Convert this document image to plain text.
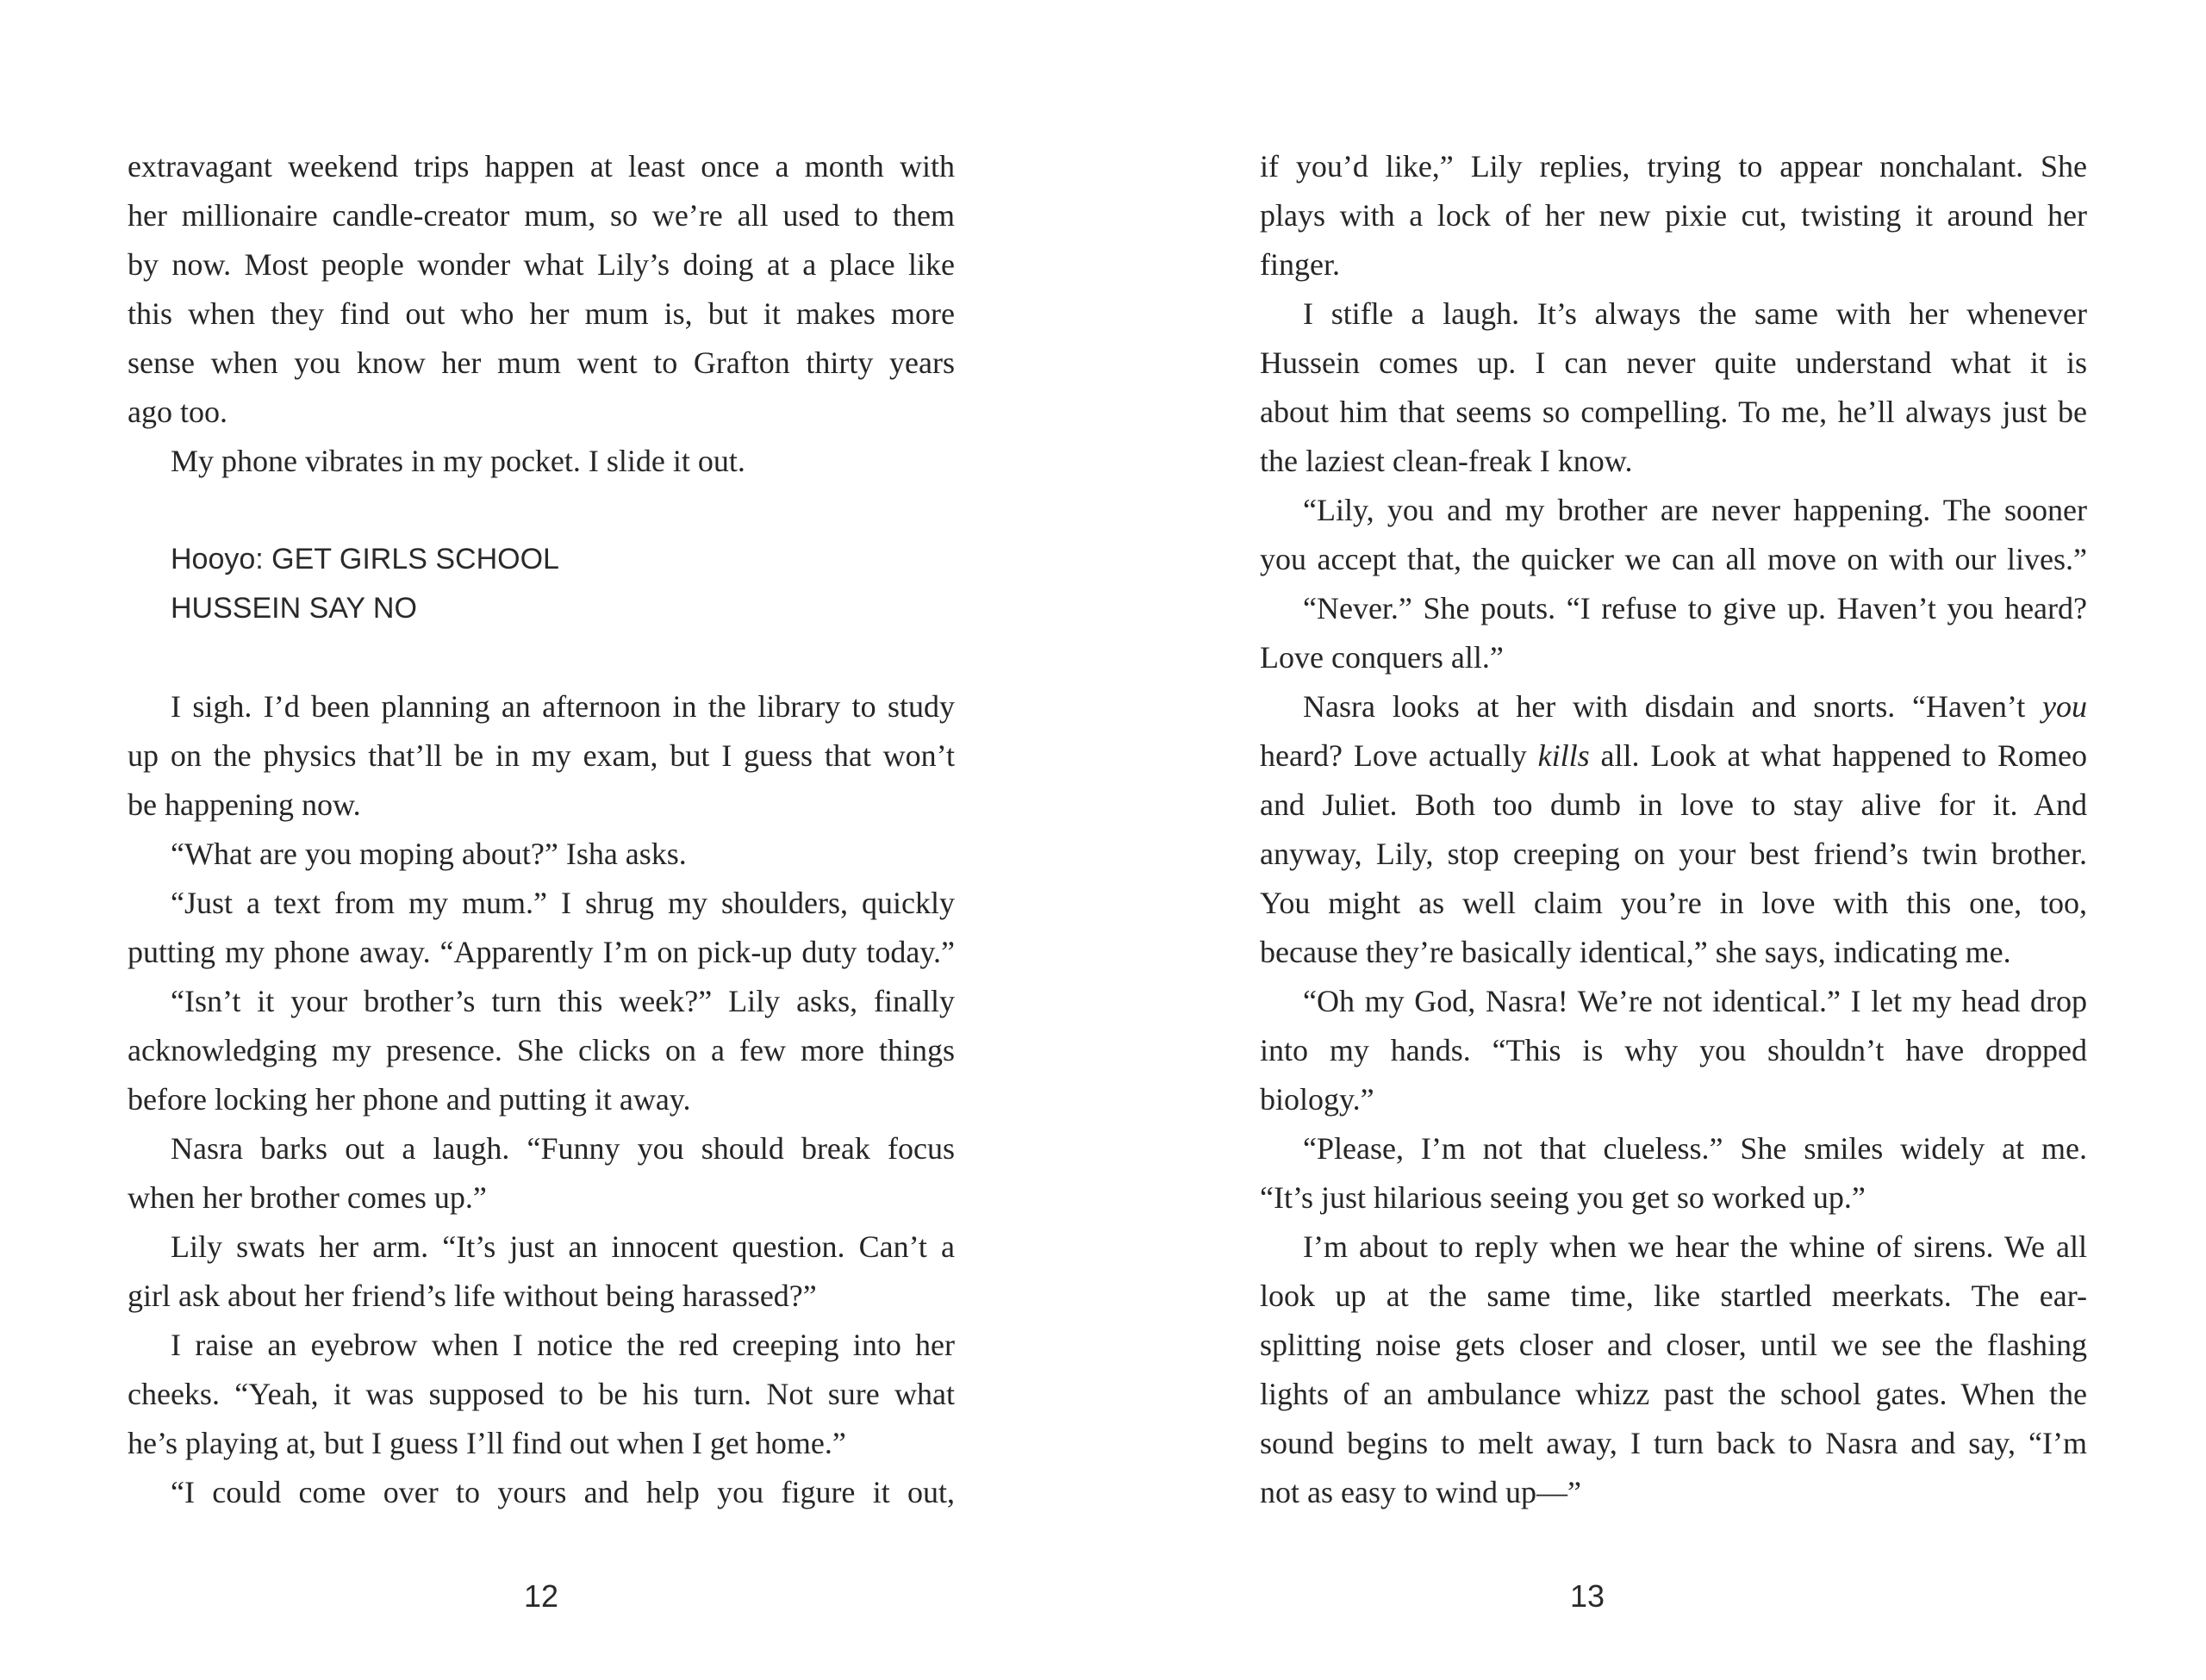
extravagant weekend trips happen at least once a month with
her millionaire candle-creator mum, so we’re all used to them
by now. Most people wonder what Lily’s doing at a place like
this when they find out who her mum is, but it makes more
sense when you know her mum went to Grafton thirty years
ago too.
My phone vibrates in my pocket. I slide it out.
Hooyo: GET GIRLS SCHOOL
HUSSEIN SAY NO
I sigh. I’d been planning an afternoon in the library to study
up on the physics that’ll be in my exam, but I guess that won’t
be happening now.
“What are you moping about?” Isha asks.
“Just a text from my mum.” I shrug my shoulders, quickly
putting my phone away. “Apparently I’m on pick-up duty today.”
“Isn’t it your brother’s turn this week?” Lily asks, finally
acknowledging my presence. She clicks on a few more things
before locking her phone and putting it away.
Nasra barks out a laugh. “Funny you should break focus
when her brother comes up.”
Lily swats her arm. “It’s just an innocent question. Can’t a
girl ask about her friend’s life without being harassed?”
I raise an eyebrow when I notice the red creeping into her
cheeks. “Yeah, it was supposed to be his turn. Not sure what
he’s playing at, but I guess I’ll find out when I get home.”
“I could come over to yours and help you figure it out,
12
if you’d like,” Lily replies, trying to appear nonchalant. She
plays with a lock of her new pixie cut, twisting it around her
finger.
I stifle a laugh. It’s always the same with her whenever
Hussein comes up. I can never quite understand what it is
about him that seems so compelling. To me, he’ll always just be
the laziest clean-freak I know.
“Lily, you and my brother are never happening. The sooner
you accept that, the quicker we can all move on with our lives.”
“Never.” She pouts. “I refuse to give up. Haven’t you heard?
Love conquers all.”
Nasra looks at her with disdain and snorts. “Haven’t you
heard? Love actually kills all. Look at what happened to Romeo
and Juliet. Both too dumb in love to stay alive for it. And
anyway, Lily, stop creeping on your best friend’s twin brother.
You might as well claim you’re in love with this one, too,
because they’re basically identical,” she says, indicating me.
“Oh my God, Nasra! We’re not identical.” I let my head drop
into my hands. “This is why you shouldn’t have dropped
biology.”
“Please, I’m not that clueless.” She smiles widely at me.
“It’s just hilarious seeing you get so worked up.”
I’m about to reply when we hear the whine of sirens. We all
look up at the same time, like startled meerkats. The ear-
splitting noise gets closer and closer, until we see the flashing
lights of an ambulance whizz past the school gates. When the
sound begins to melt away, I turn back to Nasra and say, “I’m
not as easy to wind up—”
13
